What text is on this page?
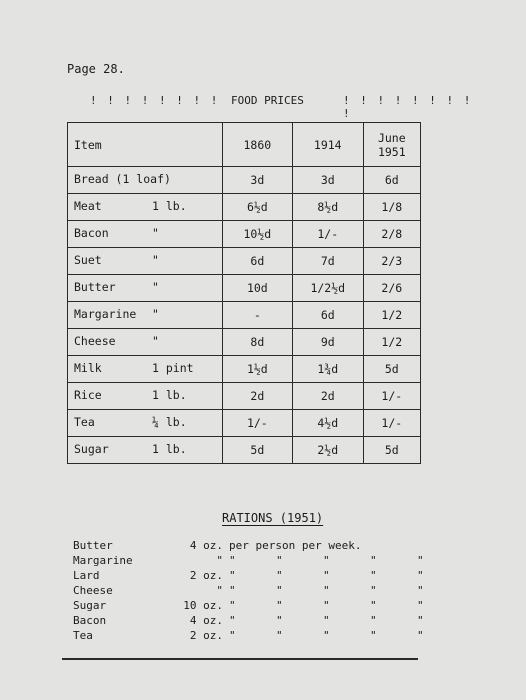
Page 28.
! ! ! ! ! ! ! ! FOOD PRICES	! ! ! ! ! ! ! ! !
Item	1860	1914	June 1951

Bread (1 loaf)	3d	3d	6d

Meat 1 lb.	6½d	8½d	1/8

Bacon "	10½d	1/-	2/8

Suet "	6d	7d	2/3

Butter "	10d	1/2½d	2/6

Margarine "	-	6d	1/2

Cheese "	8d	9d	1/2

Milk 1 pint	1½d	1¾d	5d

Rice 1 lb.	2d	2d	1/-

Tea ¼ lb.	1/-	4½d	1/-

Sugar 1 lb.	5d	2½d	5d
RATIONS (1951)
Butter	4 oz.	per person per week.
Margarine	"	" " " " "
Lard	2 oz.	" " " " "
Cheese	"	" " " " "
Sugar	10 oz.	" " " " "
Bacon	4 oz.	" " " " "
Tea	2 oz.	" " " " "
